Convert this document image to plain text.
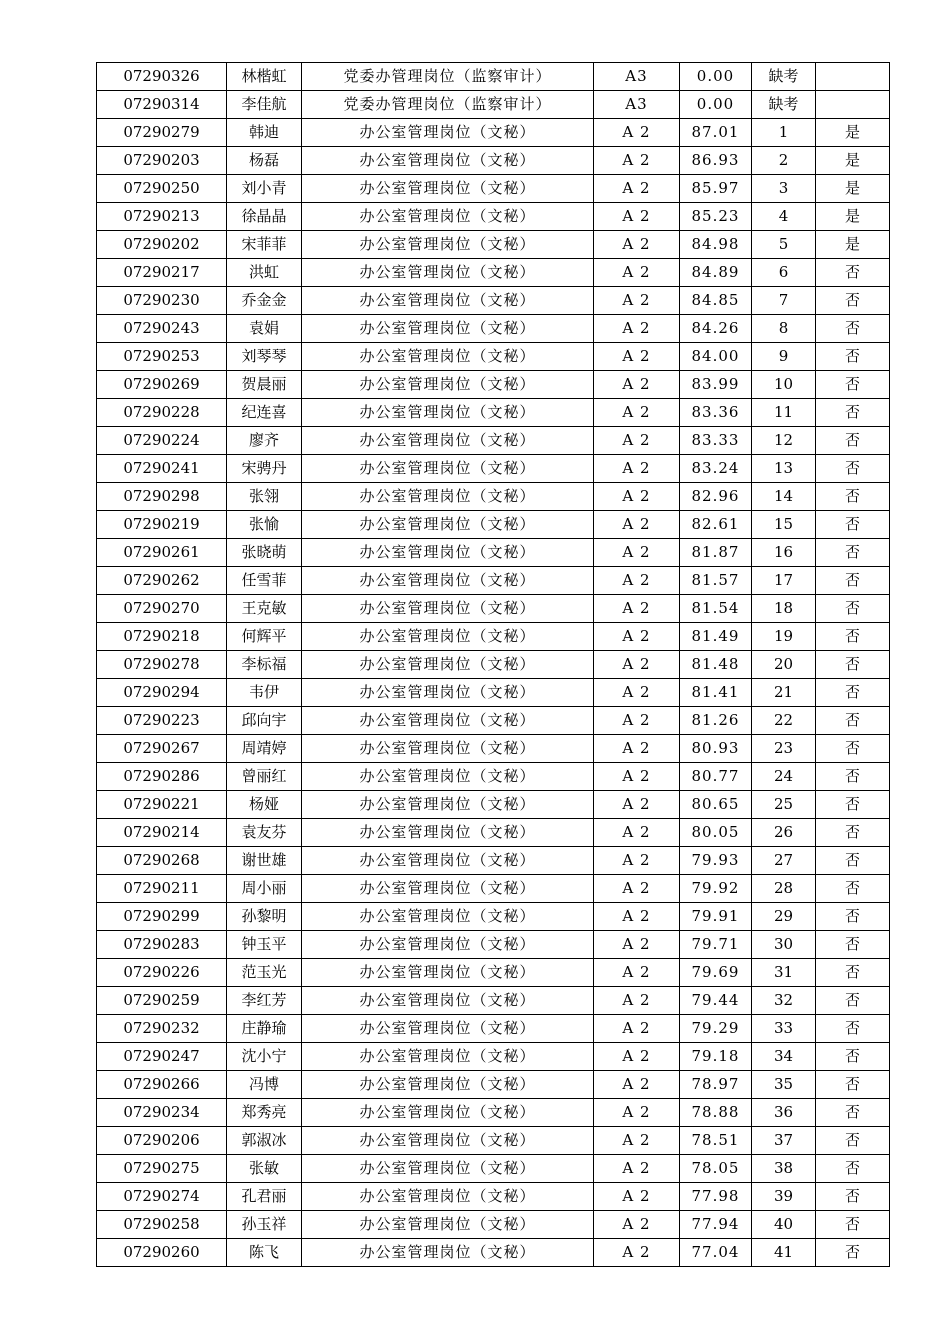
07290326	林楷虹	党委办管理岗位（监察审计）	A3	0.00	缺考	
07290314	李佳航	党委办管理岗位（监察审计）	A3	0.00	缺考	
07290279	韩迪	办公室管理岗位（文秘）	A 2	87.01	1	是
07290203	杨磊	办公室管理岗位（文秘）	A 2	86.93	2	是
07290250	刘小青	办公室管理岗位（文秘）	A 2	85.97	3	是
07290213	徐晶晶	办公室管理岗位（文秘）	A 2	85.23	4	是
07290202	宋菲菲	办公室管理岗位（文秘）	A 2	84.98	5	是
07290217	洪虹	办公室管理岗位（文秘）	A 2	84.89	6	否
07290230	乔金金	办公室管理岗位（文秘）	A 2	84.85	7	否
07290243	袁娟	办公室管理岗位（文秘）	A 2	84.26	8	否
07290253	刘琴琴	办公室管理岗位（文秘）	A 2	84.00	9	否
07290269	贺晨丽	办公室管理岗位（文秘）	A 2	83.99	10	否
07290228	纪连喜	办公室管理岗位（文秘）	A 2	83.36	11	否
07290224	廖齐	办公室管理岗位（文秘）	A 2	83.33	12	否
07290241	宋骋丹	办公室管理岗位（文秘）	A 2	83.24	13	否
07290298	张翎	办公室管理岗位（文秘）	A 2	82.96	14	否
07290219	张愉	办公室管理岗位（文秘）	A 2	82.61	15	否
07290261	张晓萌	办公室管理岗位（文秘）	A 2	81.87	16	否
07290262	任雪菲	办公室管理岗位（文秘）	A 2	81.57	17	否
07290270	王克敏	办公室管理岗位（文秘）	A 2	81.54	18	否
07290218	何辉平	办公室管理岗位（文秘）	A 2	81.49	19	否
07290278	李标福	办公室管理岗位（文秘）	A 2	81.48	20	否
07290294	韦伊	办公室管理岗位（文秘）	A 2	81.41	21	否
07290223	邱向宇	办公室管理岗位（文秘）	A 2	81.26	22	否
07290267	周靖婷	办公室管理岗位（文秘）	A 2	80.93	23	否
07290286	曾丽红	办公室管理岗位（文秘）	A 2	80.77	24	否
07290221	杨娅	办公室管理岗位（文秘）	A 2	80.65	25	否
07290214	袁友芬	办公室管理岗位（文秘）	A 2	80.05	26	否
07290268	谢世雄	办公室管理岗位（文秘）	A 2	79.93	27	否
07290211	周小丽	办公室管理岗位（文秘）	A 2	79.92	28	否
07290299	孙黎明	办公室管理岗位（文秘）	A 2	79.91	29	否
07290283	钟玉平	办公室管理岗位（文秘）	A 2	79.71	30	否
07290226	范玉光	办公室管理岗位（文秘）	A 2	79.69	31	否
07290259	李红芳	办公室管理岗位（文秘）	A 2	79.44	32	否
07290232	庄静瑜	办公室管理岗位（文秘）	A 2	79.29	33	否
07290247	沈小宁	办公室管理岗位（文秘）	A 2	79.18	34	否
07290266	冯博	办公室管理岗位（文秘）	A 2	78.97	35	否
07290234	郑秀亮	办公室管理岗位（文秘）	A 2	78.88	36	否
07290206	郭淑冰	办公室管理岗位（文秘）	A 2	78.51	37	否
07290275	张敏	办公室管理岗位（文秘）	A 2	78.05	38	否
07290274	孔君丽	办公室管理岗位（文秘）	A 2	77.98	39	否
07290258	孙玉祥	办公室管理岗位（文秘）	A 2	77.94	40	否
07290260	陈飞	办公室管理岗位（文秘）	A 2	77.04	41	否
